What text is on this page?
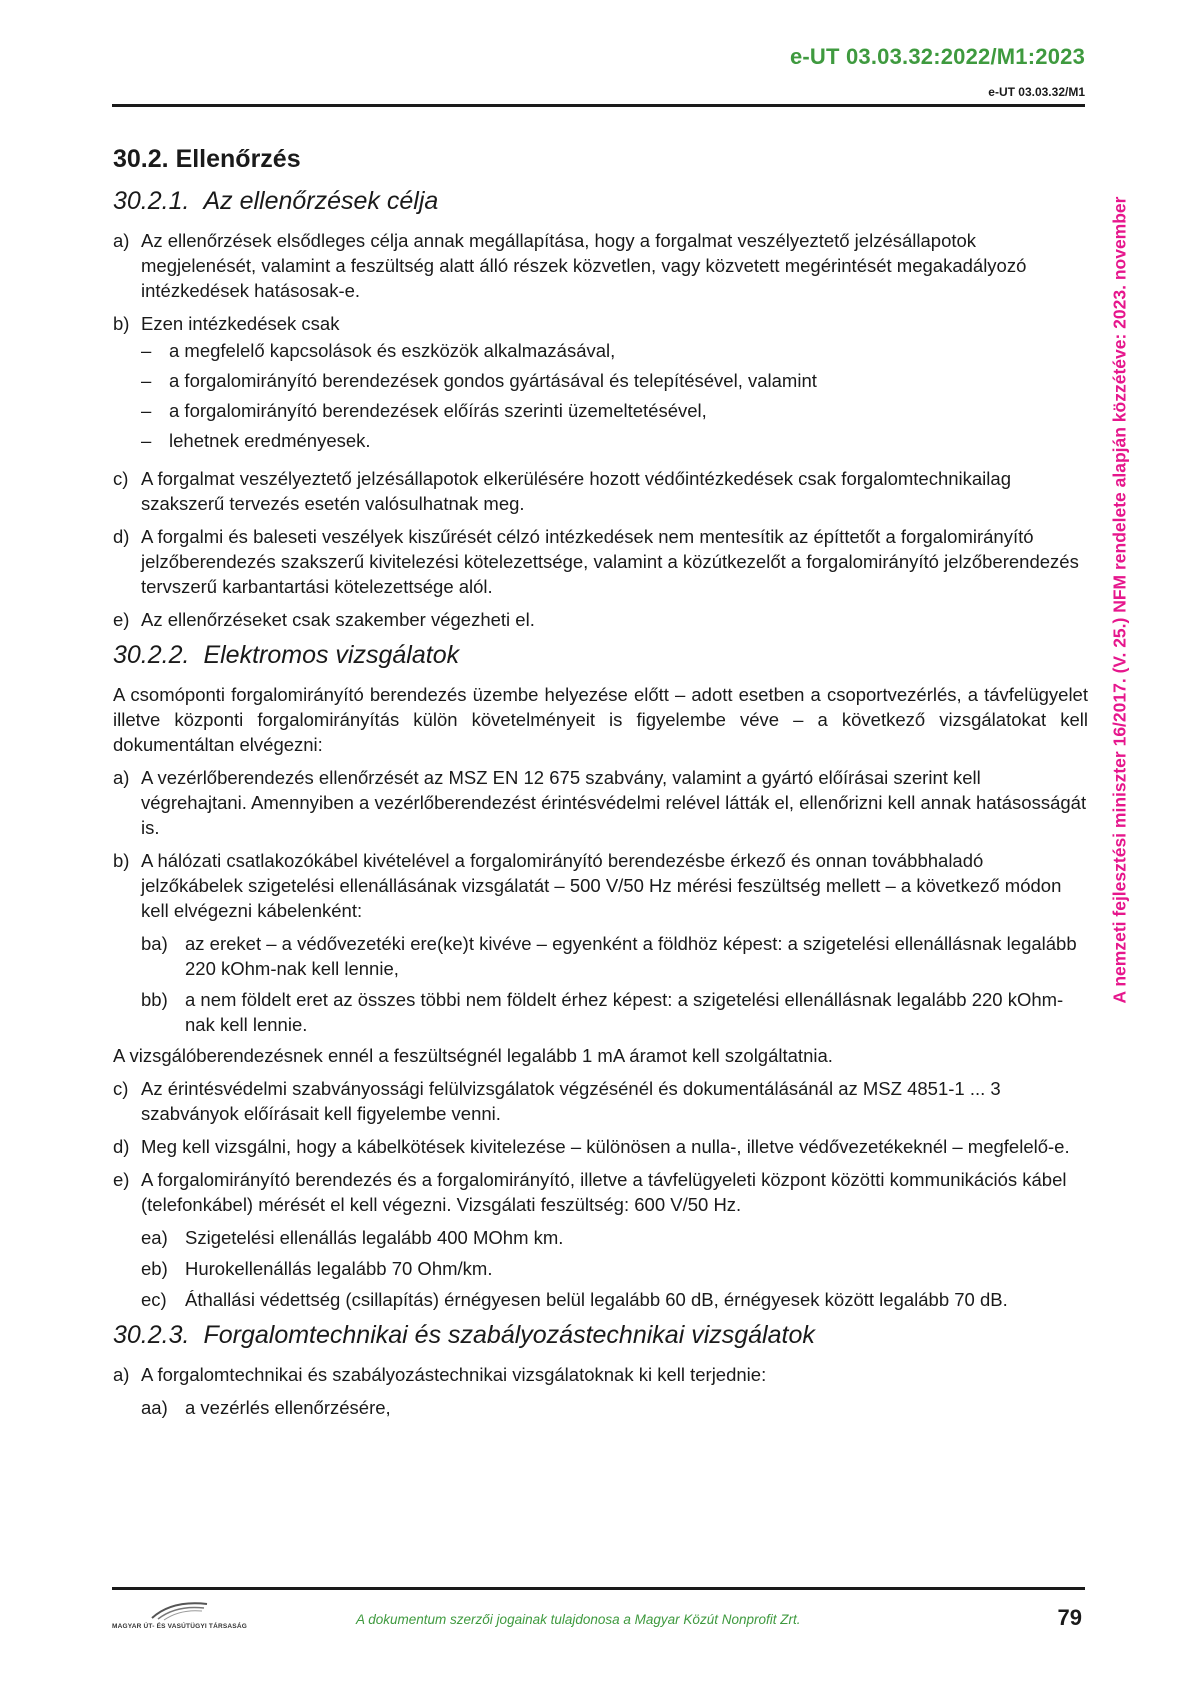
e-UT 03.03.32:2022/M1:2023
e-UT 03.03.32/M1
A nemzeti fejlesztési miniszter 16/2017. (V. 25.) NFM rendelete alapján közzétéve: 2023. november
30.2. Ellenőrzés
30.2.1. Az ellenőrzések célja
a) Az ellenőrzések elsődleges célja annak megállapítása, hogy a forgalmat veszélyeztető jelzésállapotok megjelenését, valamint a feszültség alatt álló részek közvetlen, vagy közvetett megérintését megakadályozó intézkedések hatásosak-e.
b) Ezen intézkedések csak
– a megfelelő kapcsolások és eszközök alkalmazásával,
– a forgalomirányító berendezések gondos gyártásával és telepítésével, valamint
– a forgalomirányító berendezések előírás szerinti üzemeltetésével,
– lehetnek eredményesek.
c) A forgalmat veszélyeztető jelzésállapotok elkerülésére hozott védőintézkedések csak forgalomtechnikailag szakszerű tervezés esetén valósulhatnak meg.
d) A forgalmi és baleseti veszélyek kiszűrését célzó intézkedések nem mentesítik az építtetőt a forgalomirányító jelzőberendezés szakszerű kivitelezési kötelezettsége, valamint a közútkezelőt a forgalomirányító jelzőberendezés tervszerű karbantartási kötelezettsége alól.
e) Az ellenőrzéseket csak szakember végezheti el.
30.2.2. Elektromos vizsgálatok

A csomóponti forgalomirányító berendezés üzembe helyezése előtt – adott esetben a csoportvezérlés, a távfelügyelet illetve központi forgalomirányítás külön követelményeit is figyelembe véve – a következő vizsgálatokat kell dokumentáltan elvégezni:

a) A vezérlőberendezés ellenőrzését az MSZ EN 12 675 szabvány, valamint a gyártó előírásai szerint kell végrehajtani. Amennyiben a vezérlőberendezést érintésvédelmi relével látták el, ellenőrizni kell annak hatásosságát is.
b) A hálózati csatlakozókábel kivételével a forgalomirányító berendezésbe érkező és onnan továbbhaladó jelzőkábelek szigetelési ellenállásának vizsgálatát – 500 V/50 Hz mérési feszültség mellett – a következő módon kell elvégezni kábelenként:
ba) az ereket – a védővezetéki ere(ke)t kivéve – egyenként a földhöz képest: a szigetelési ellenállásnak legalább 220 kOhm-nak kell lennie,
bb) a nem földelt eret az összes többi nem földelt érhez képest: a szigetelési ellenállásnak legalább 220 kOhm-nak kell lennie.

A vizsgálóberendezésnek ennél a feszültségnél legalább 1 mA áramot kell szolgáltatnia.

c) Az érintésvédelmi szabványossági felülvizsgálatok végzésénél és dokumentálásánál az MSZ 4851-1 ... 3 szabványok előírásait kell figyelembe venni.
d) Meg kell vizsgálni, hogy a kábelkötések kivitelezése – különösen a nulla-, illetve védővezetékeknél – megfelelő-e.
e) A forgalomirányító berendezés és a forgalomirányító, illetve a távfelügyeleti központ közötti kommunikációs kábel (telefonkábel) mérését el kell végezni. Vizsgálati feszültség: 600 V/50 Hz.
ea) Szigetelési ellenállás legalább 400 MOhm km.
eb) Hurokellenállás legalább 70 Ohm/km.
ec) Áthallási védettség (csillapítás) érnégyesen belül legalább 60 dB, érnégyesek között legalább 70 dB.
30.2.3. Forgalomtechnikai és szabályozástechnikai vizsgálatok
a) A forgalomtechnikai és szabályozástechnikai vizsgálatoknak ki kell terjednie:
aa) a vezérlés ellenőrzésére,
MAGYAR ÚT- ÉS VASÚTÜGYI TÁRSASÁG	A dokumentum szerzői jogainak tulajdonosa a Magyar Közút Nonprofit Zrt.	79
